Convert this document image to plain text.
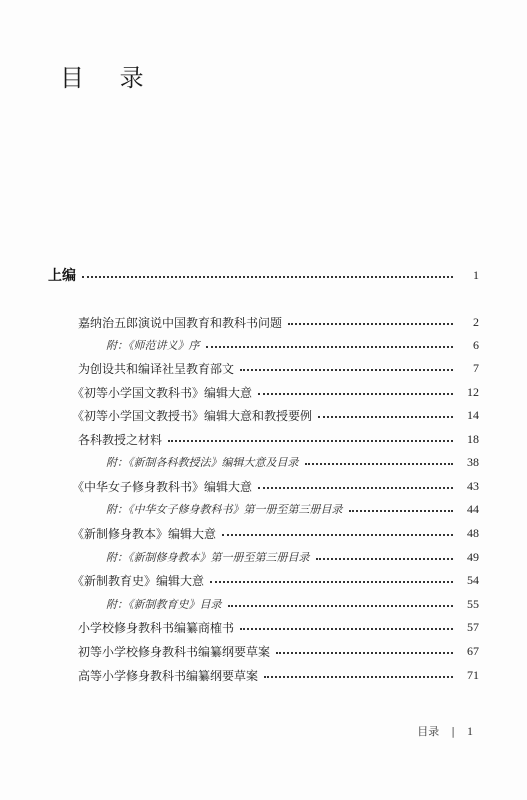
目 录
上编	1
嘉纳治五郎演说中国教育和教科书问题	2
附：《师范讲义》序	6
为创设共和编译社呈教育部文	7
《初等小学国文教科书》编辑大意	12
《初等小学国文教授书》编辑大意和教授要例	14
各科教授之材料	18
附：《新制各科教授法》编辑大意及目录	38
《中华女子修身教科书》编辑大意	43
附：《中华女子修身教科书》第一册至第三册目录	44
《新制修身教本》编辑大意	48
附：《新制修身教本》第一册至第三册目录	49
《新制教育史》编辑大意	54
附：《新制教育史》目录	55
小学校修身教科书编纂商榷书	57
初等小学校修身教科书编纂纲要草案	67
高等小学修身教科书编纂纲要草案	71
目录 | 1
